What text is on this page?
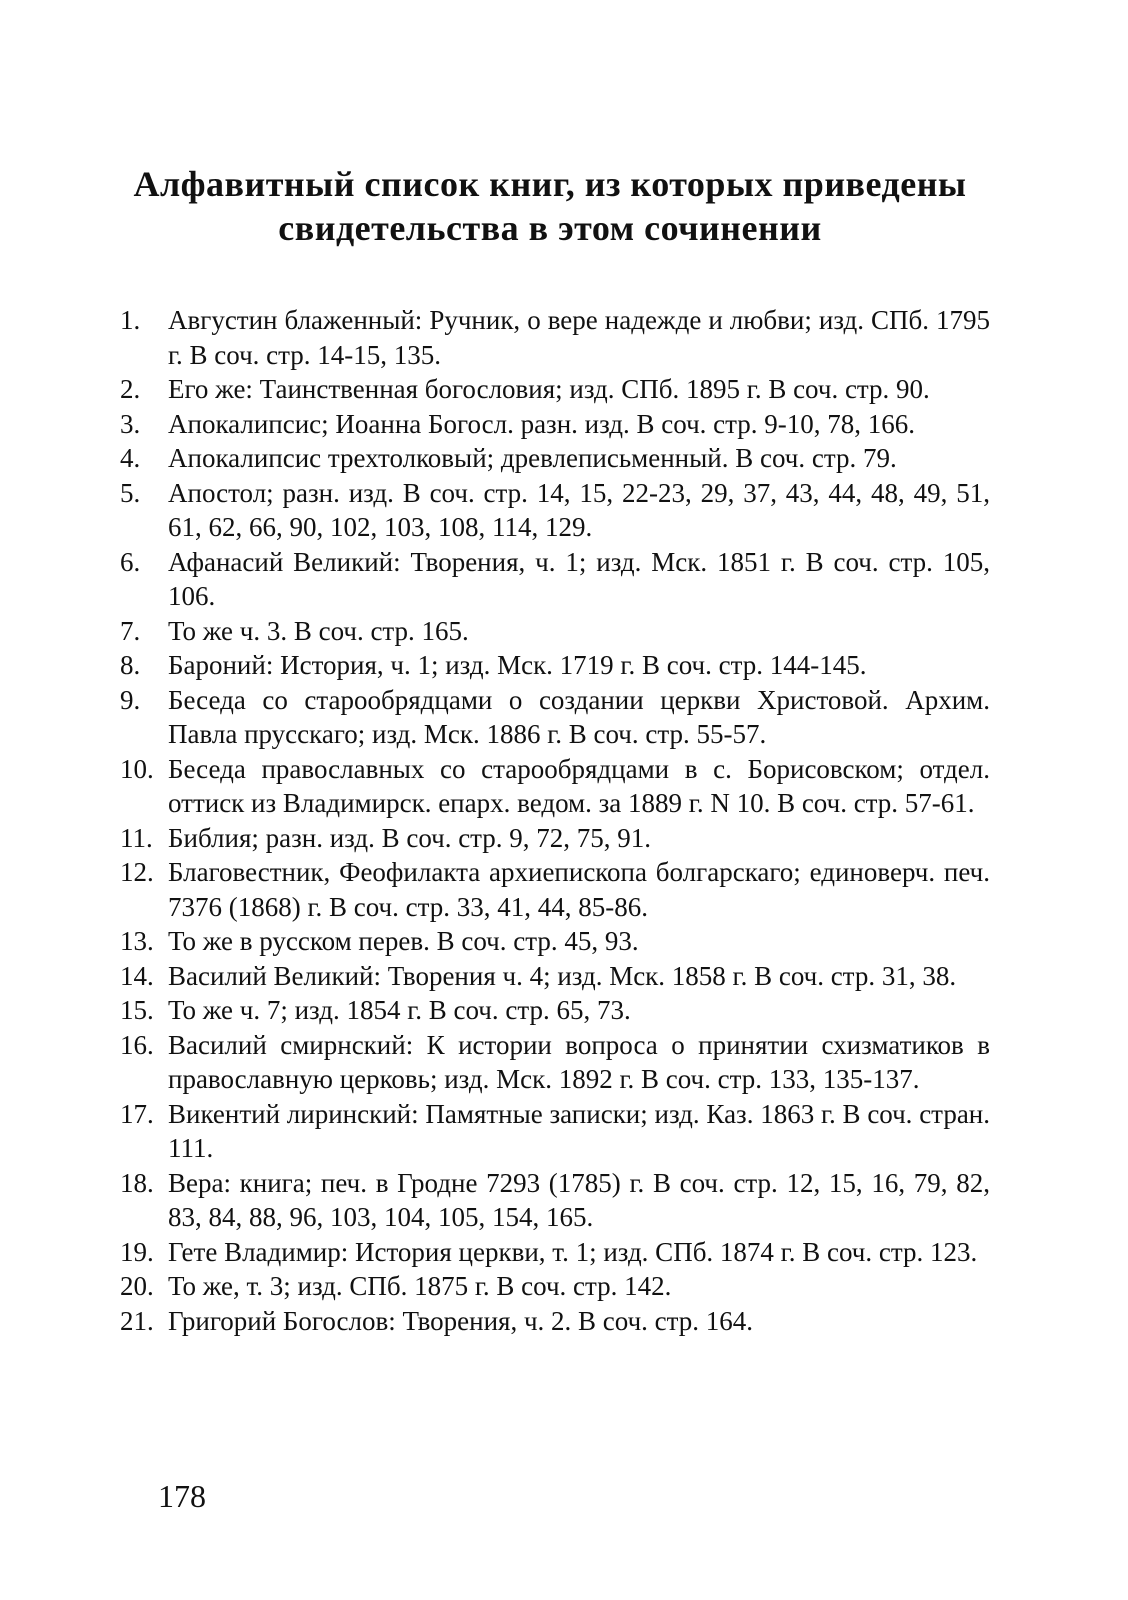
Алфавитный список книг, из которых приведены
свидетельства в этом сочинении
1.	Августин блаженный: Ручник, о вере надежде и любви; изд. СПб. 1795 г. В соч. стр. 14-15, 135.
2.	Его же: Таинственная богословия; изд. СПб. 1895 г. В соч. стр. 90.
3.	Апокалипсис; Иоанна Богосл. разн. изд. В соч. стр. 9-10, 78, 166.
4.	Апокалипсис трехтолковый; древлеписьменный. В соч. стр. 79.
5.	Апостол; разн. изд. В соч. стр. 14, 15, 22-23, 29, 37, 43, 44, 48, 49, 51, 61, 62, 66, 90, 102, 103, 108, 114, 129.
6.	Афанасий Великий: Творения, ч. 1; изд. Мск. 1851 г. В соч. стр. 105, 106.
7.	То же ч. 3. В соч. стр. 165.
8.	Бароний: История, ч. 1; изд. Мск. 1719 г. В соч. стр. 144-145.
9.	Беседа со старообрядцами о создании церкви Христовой. Архим. Павла прусскаго; изд. Мск. 1886 г. В соч. стр. 55-57.
10. Беседа православных со старообрядцами в с. Борисовском; отдел. оттиск из Владимирск. епарх. ведом. за 1889 г. N 10. В соч. стр. 57-61.
11. Библия; разн. изд. В соч. стр. 9, 72, 75, 91.
12. Благовестник, Феофилакта архиепископа болгарскаго; единоверч. печ. 7376 (1868) г. В соч. стр. 33, 41, 44, 85-86.
13. То же в русском перев. В соч. стр. 45, 93.
14. Василий Великий: Творения ч. 4; изд. Мск. 1858 г. В соч. стр. 31, 38.
15. То же ч. 7; изд. 1854 г. В соч. стр. 65, 73.
16. Василий смирнский: К истории вопроса о принятии схизматиков в православную церковь; изд. Мск. 1892 г. В соч. стр. 133, 135-137.
17. Викентий лиринский: Памятные записки; изд. Каз. 1863 г. В соч. стран. 111.
18. Вера: книга; печ. в Гродне 7293 (1785) г. В соч. стр. 12, 15, 16, 79, 82, 83, 84, 88, 96, 103, 104, 105, 154, 165.
19. Гете Владимир: История церкви, т. 1; изд. СПб. 1874 г. В соч. стр. 123.
20. То же, т. 3; изд. СПб. 1875 г. В соч. стр. 142.
21. Григорий Богослов: Творения, ч. 2. В соч. стр. 164.
178
